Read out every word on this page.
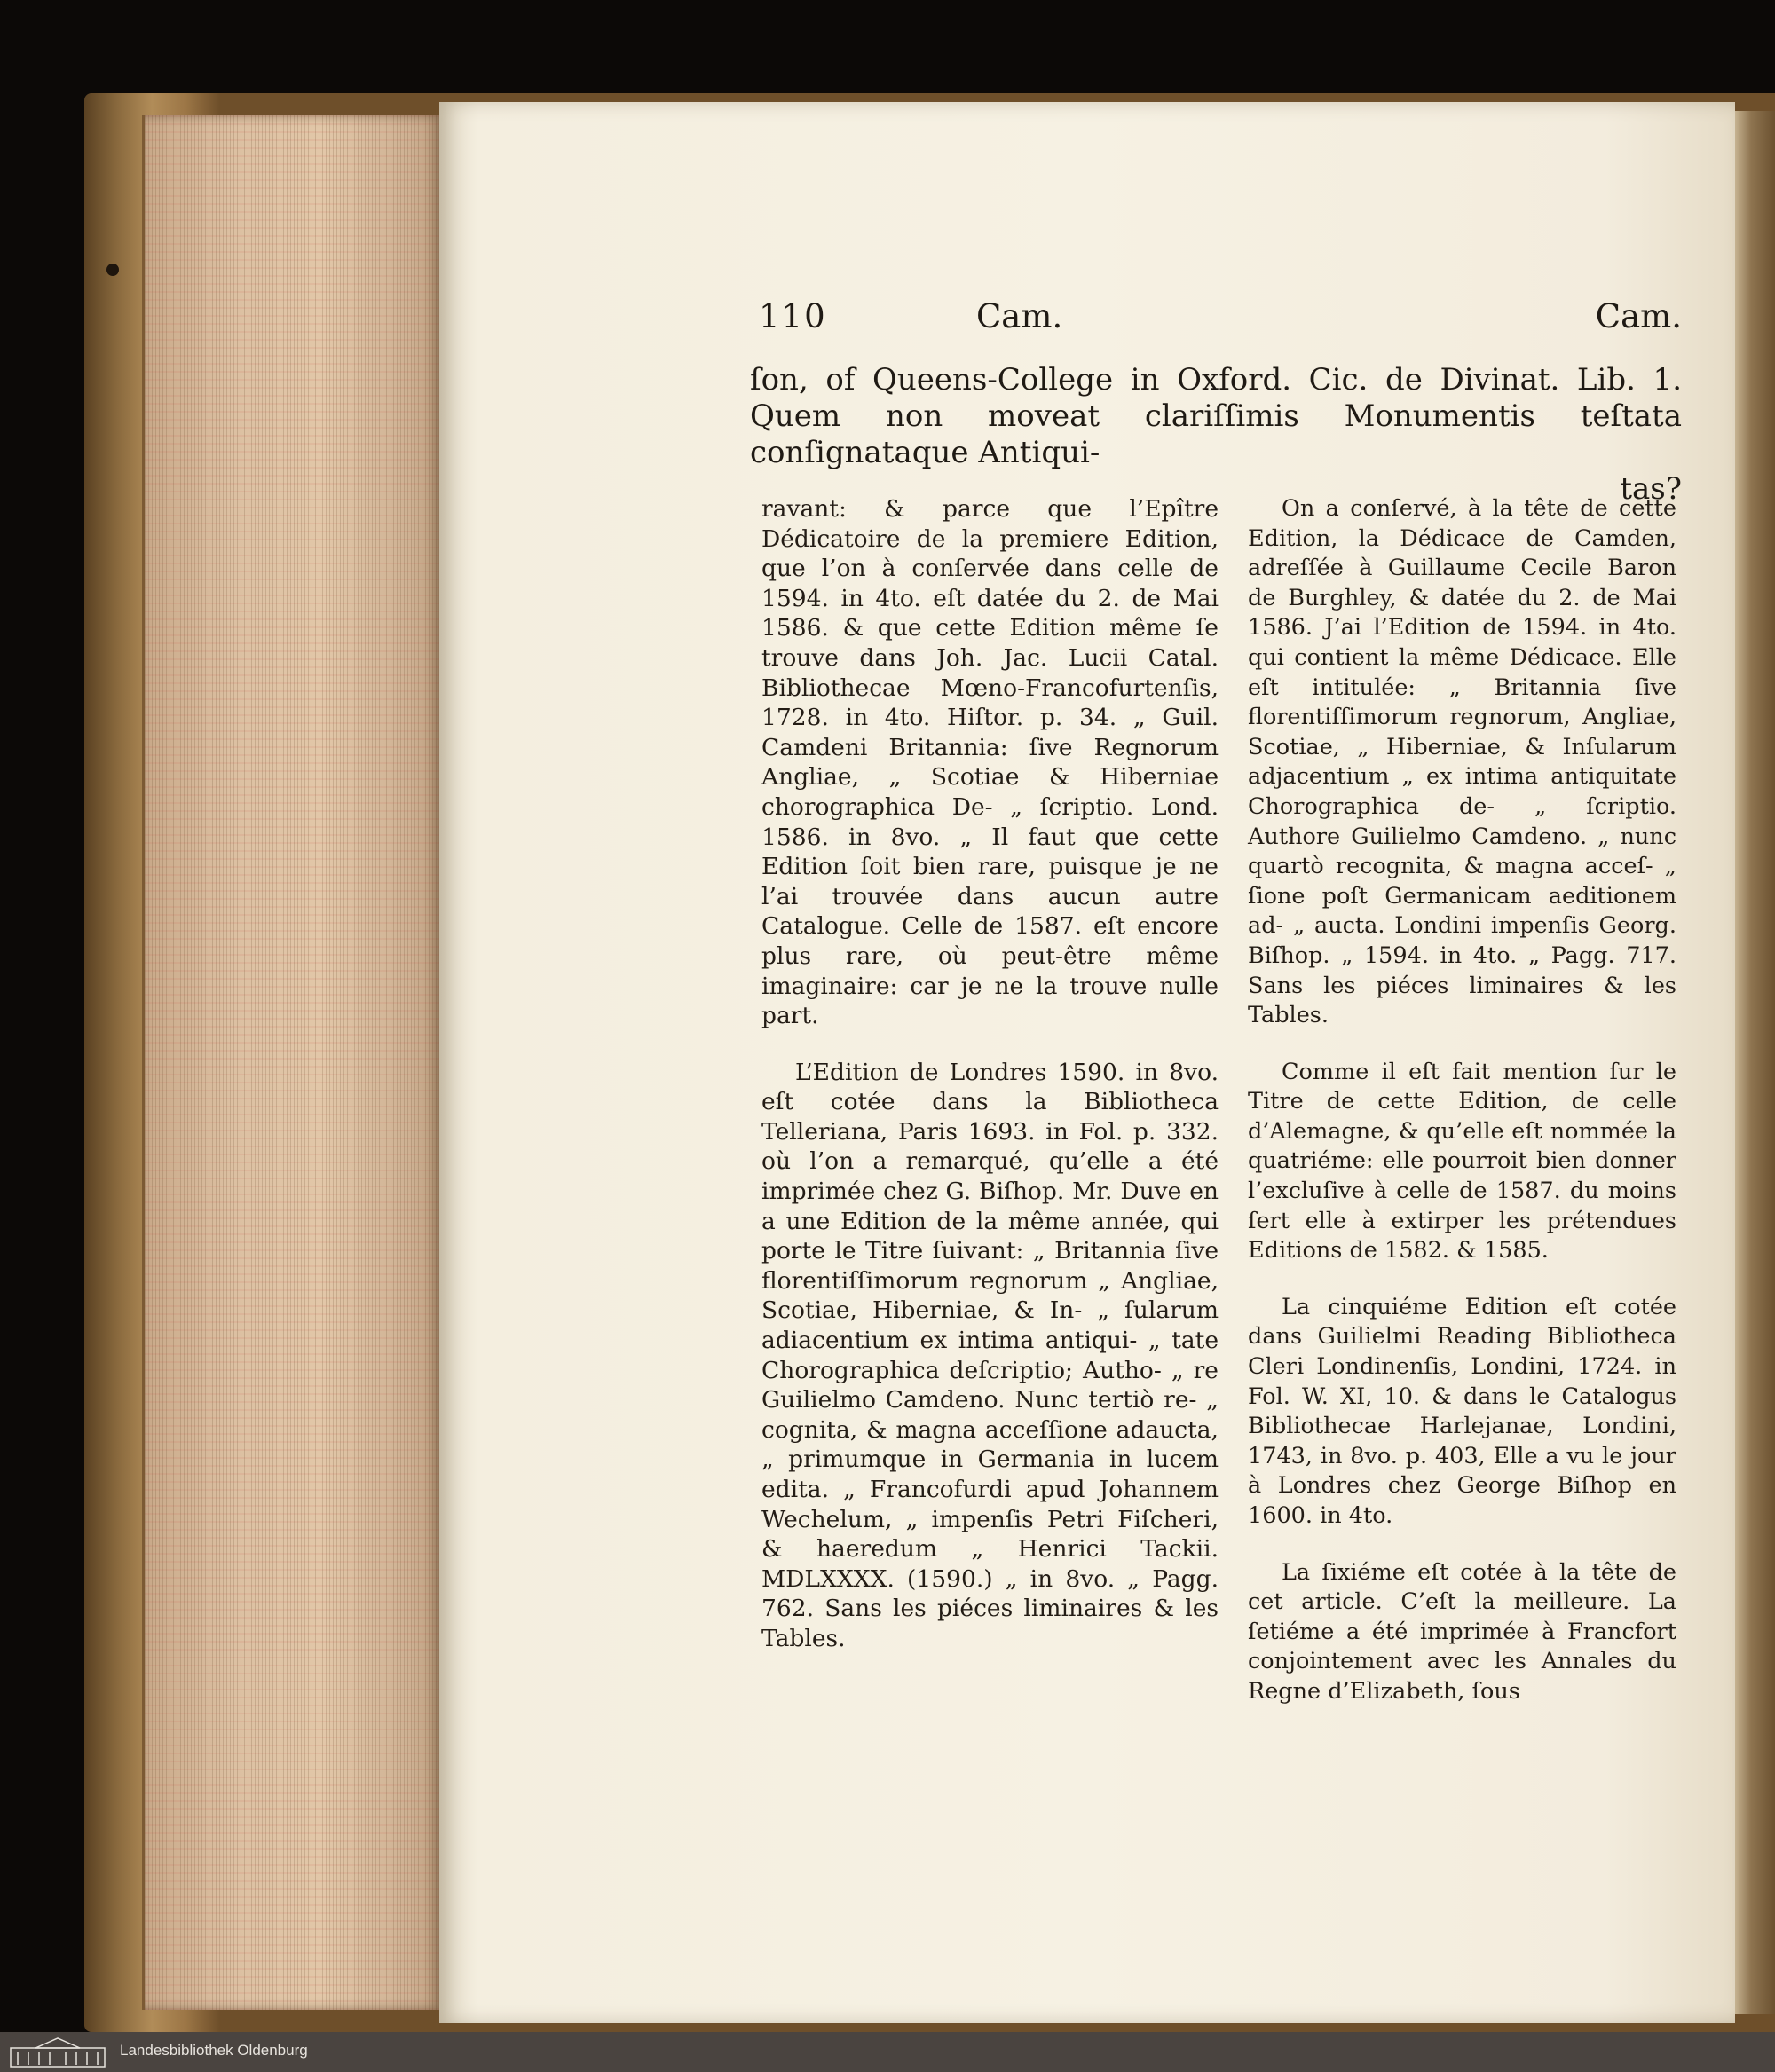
110	Cam.	Cam.
ſon, of Queens-College in Oxford. Cic. de Divinat. Lib. 1. Quem non moveat clariſſimis Monumentis teſtata conſignataque Antiqui-
tas?

ravant: & parce que l’Epître Dédicatoire de la premiere Edition, que l’on à conſervée dans celle de 1594. in 4to. eſt datée du 2. de Mai 1586. & que cette Edition même ſe trouve dans Joh. Jac. Lucii Catal. Bibliothecae Mœno-Francofurtenſis, 1728. in 4to. Hiſtor. p. 34. „ Guil. Camdeni Britannia: ſive Regnorum Angliae, „ Scotiae & Hiberniae chorographica De- „ ſcriptio. Lond. 1586. in 8vo. „ Il faut que cette Edition ſoit bien rare, puisque je ne l’ai trouvée dans aucun autre Catalogue. Celle de 1587. eſt encore plus rare, où peut-être même imaginaire: car je ne la trouve nulle part.

L’Edition de Londres 1590. in 8vo. eſt cotée dans la Bibliotheca Telleriana, Paris 1693. in Fol. p. 332. où l’on a remarqué, qu’elle a été imprimée chez G. Biſhop. Mr. Duve en a une Edition de la même année, qui porte le Titre ſuivant: „ Britannia ſive florentiſſimorum regnorum „ Angliae, Scotiae, Hiberniae, & In- „ ſularum adiacentium ex intima antiqui- „ tate Chorographica deſcriptio; Autho- „ re Guilielmo Camdeno. Nunc tertiò re- „ cognita, & magna acceſſione adaucta, „ primumque in Germania in lucem edita. „ Francofurdi apud Johannem Wechelum, „ impenſis Petri Fiſcheri, & haeredum „ Henrici Tackii. MDLXXXX. (1590.) „ in 8vo. „ Pagg. 762. Sans les piéces liminaires & les Tables.

On a conſervé, à la tête de cette Edition, la Dédicace de Camden, adreſſée à Guillaume Cecile Baron de Burghley, & datée du 2. de Mai 1586. J’ai l’Edition de 1594. in 4to. qui contient la même Dédicace. Elle eſt intitulée: „ Britannia ſive florentiſſimorum regnorum, Angliae, Scotiae, „ Hiberniae, & Inſularum adjacentium „ ex intima antiquitate Chorographica de- „ ſcriptio. Authore Guilielmo Camdeno. „ nunc quartò recognita, & magna acceſ- „ ſione poſt Germanicam aeditionem ad- „ aucta. Londini impenſis Georg. Biſhop. „ 1594. in 4to. „ Pagg. 717. Sans les piéces liminaires & les Tables.

Comme il eſt fait mention ſur le Titre de cette Edition, de celle d’Alemagne, & qu’elle eſt nommée la quatriéme: elle pourroit bien donner l’excluſive à celle de 1587. du moins ſert elle à extirper les prétendues Editions de 1582. & 1585.

La cinquiéme Edition eſt cotée dans Guilielmi Reading Bibliotheca Cleri Londinenſis, Londini, 1724. in Fol. W. XI, 10. & dans le Catalogus Bibliothecae Harlejanae, Londini, 1743, in 8vo. p. 403, Elle a vu le jour à Londres chez George Biſhop en 1600. in 4to.

La ſixiéme eſt cotée à la tête de cet article. C’eſt la meilleure. La ſetiéme a été imprimée à Francfort conjointement avec les Annales du Regne d’Elizabeth, ſous

Landesbibliothek Oldenburg
